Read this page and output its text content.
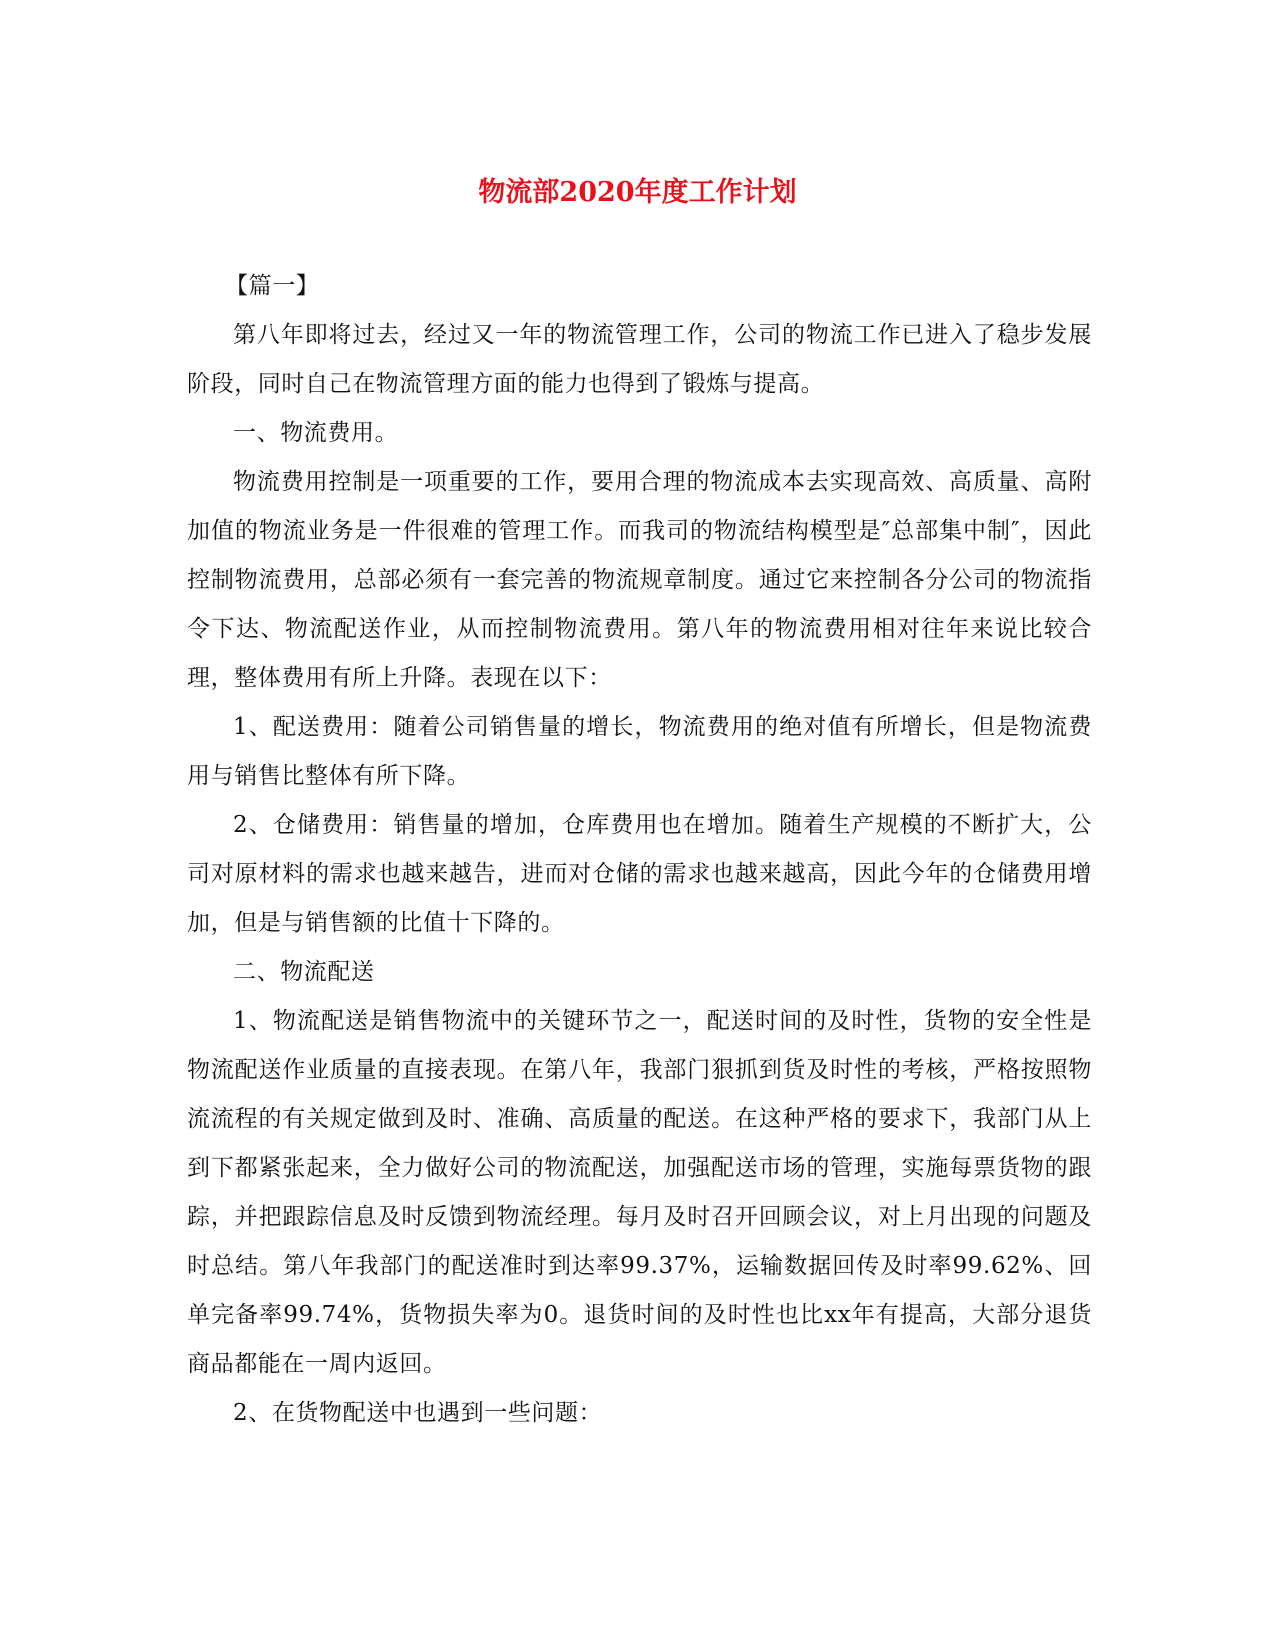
物流部2020年度工作计划

【篇一】

第八年即将过去，经过又一年的物流管理工作，公司的物流工作已进入了稳步发展阶段，同时自己在物流管理方面的能力也得到了锻炼与提高。

一、物流费用。

物流费用控制是一项重要的工作，要用合理的物流成本去实现高效、高质量、高附加值的物流业务是一件很难的管理工作。而我司的物流结构模型是″总部集中制″，因此控制物流费用，总部必须有一套完善的物流规章制度。通过它来控制各分公司的物流指令下达、物流配送作业，从而控制物流费用。第八年的物流费用相对往年来说比较合理，整体费用有所上升降。表现在以下：

1、配送费用：随着公司销售量的增长，物流费用的绝对值有所增长，但是物流费用与销售比整体有所下降。

2、仓储费用：销售量的增加，仓库费用也在增加。随着生产规模的不断扩大，公司对原材料的需求也越来越告，进而对仓储的需求也越来越高，因此今年的仓储费用增加，但是与销售额的比值十下降的。

二、物流配送

1、物流配送是销售物流中的关键环节之一，配送时间的及时性，货物的安全性是物流配送作业质量的直接表现。在第八年，我部门狠抓到货及时性的考核，严格按照物流流程的有关规定做到及时、准确、高质量的配送。在这种严格的要求下，我部门从上到下都紧张起来，全力做好公司的物流配送，加强配送市场的管理，实施每票货物的跟踪，并把跟踪信息及时反馈到物流经理。每月及时召开回顾会议，对上月出现的问题及时总结。第八年我部门的配送准时到达率99.37%，运输数据回传及时率99.62%、回单完备率99.74%，货物损失率为0。退货时间的及时性也比xx年有提高，大部分退货商品都能在一周内返回。

2、在货物配送中也遇到一些问题：
